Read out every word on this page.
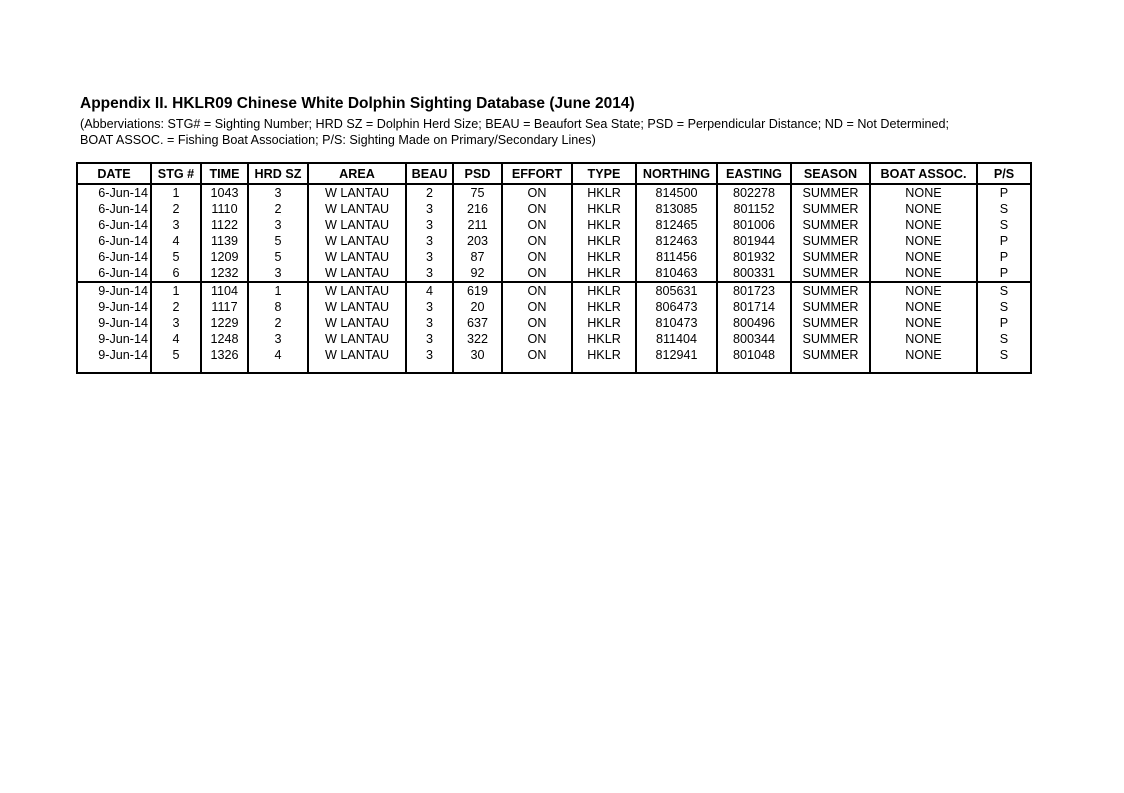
Appendix II. HKLR09 Chinese White Dolphin Sighting Database (June 2014)
(Abberviations: STG# = Sighting Number; HRD SZ = Dolphin Herd Size; BEAU = Beaufort Sea State; PSD = Perpendicular Distance; ND = Not Determined;
BOAT ASSOC. = Fishing Boat Association; P/S: Sighting Made on Primary/Secondary Lines)
DATE	STG #	TIME	HRD SZ	AREA	BEAU	PSD	EFFORT	TYPE	NORTHING	EASTING	SEASON	BOAT ASSOC.	P/S
6-Jun-14	1	1043	3	W LANTAU	2	75	ON	HKLR	814500	802278	SUMMER	NONE	P
6-Jun-14	2	1110	2	W LANTAU	3	216	ON	HKLR	813085	801152	SUMMER	NONE	S
6-Jun-14	3	1122	3	W LANTAU	3	211	ON	HKLR	812465	801006	SUMMER	NONE	S
6-Jun-14	4	1139	5	W LANTAU	3	203	ON	HKLR	812463	801944	SUMMER	NONE	P
6-Jun-14	5	1209	5	W LANTAU	3	87	ON	HKLR	811456	801932	SUMMER	NONE	P
6-Jun-14	6	1232	3	W LANTAU	3	92	ON	HKLR	810463	800331	SUMMER	NONE	P
9-Jun-14	1	1104	1	W LANTAU	4	619	ON	HKLR	805631	801723	SUMMER	NONE	S
9-Jun-14	2	1117	8	W LANTAU	3	20	ON	HKLR	806473	801714	SUMMER	NONE	S
9-Jun-14	3	1229	2	W LANTAU	3	637	ON	HKLR	810473	800496	SUMMER	NONE	P
9-Jun-14	4	1248	3	W LANTAU	3	322	ON	HKLR	811404	800344	SUMMER	NONE	S
9-Jun-14	5	1326	4	W LANTAU	3	30	ON	HKLR	812941	801048	SUMMER	NONE	S
